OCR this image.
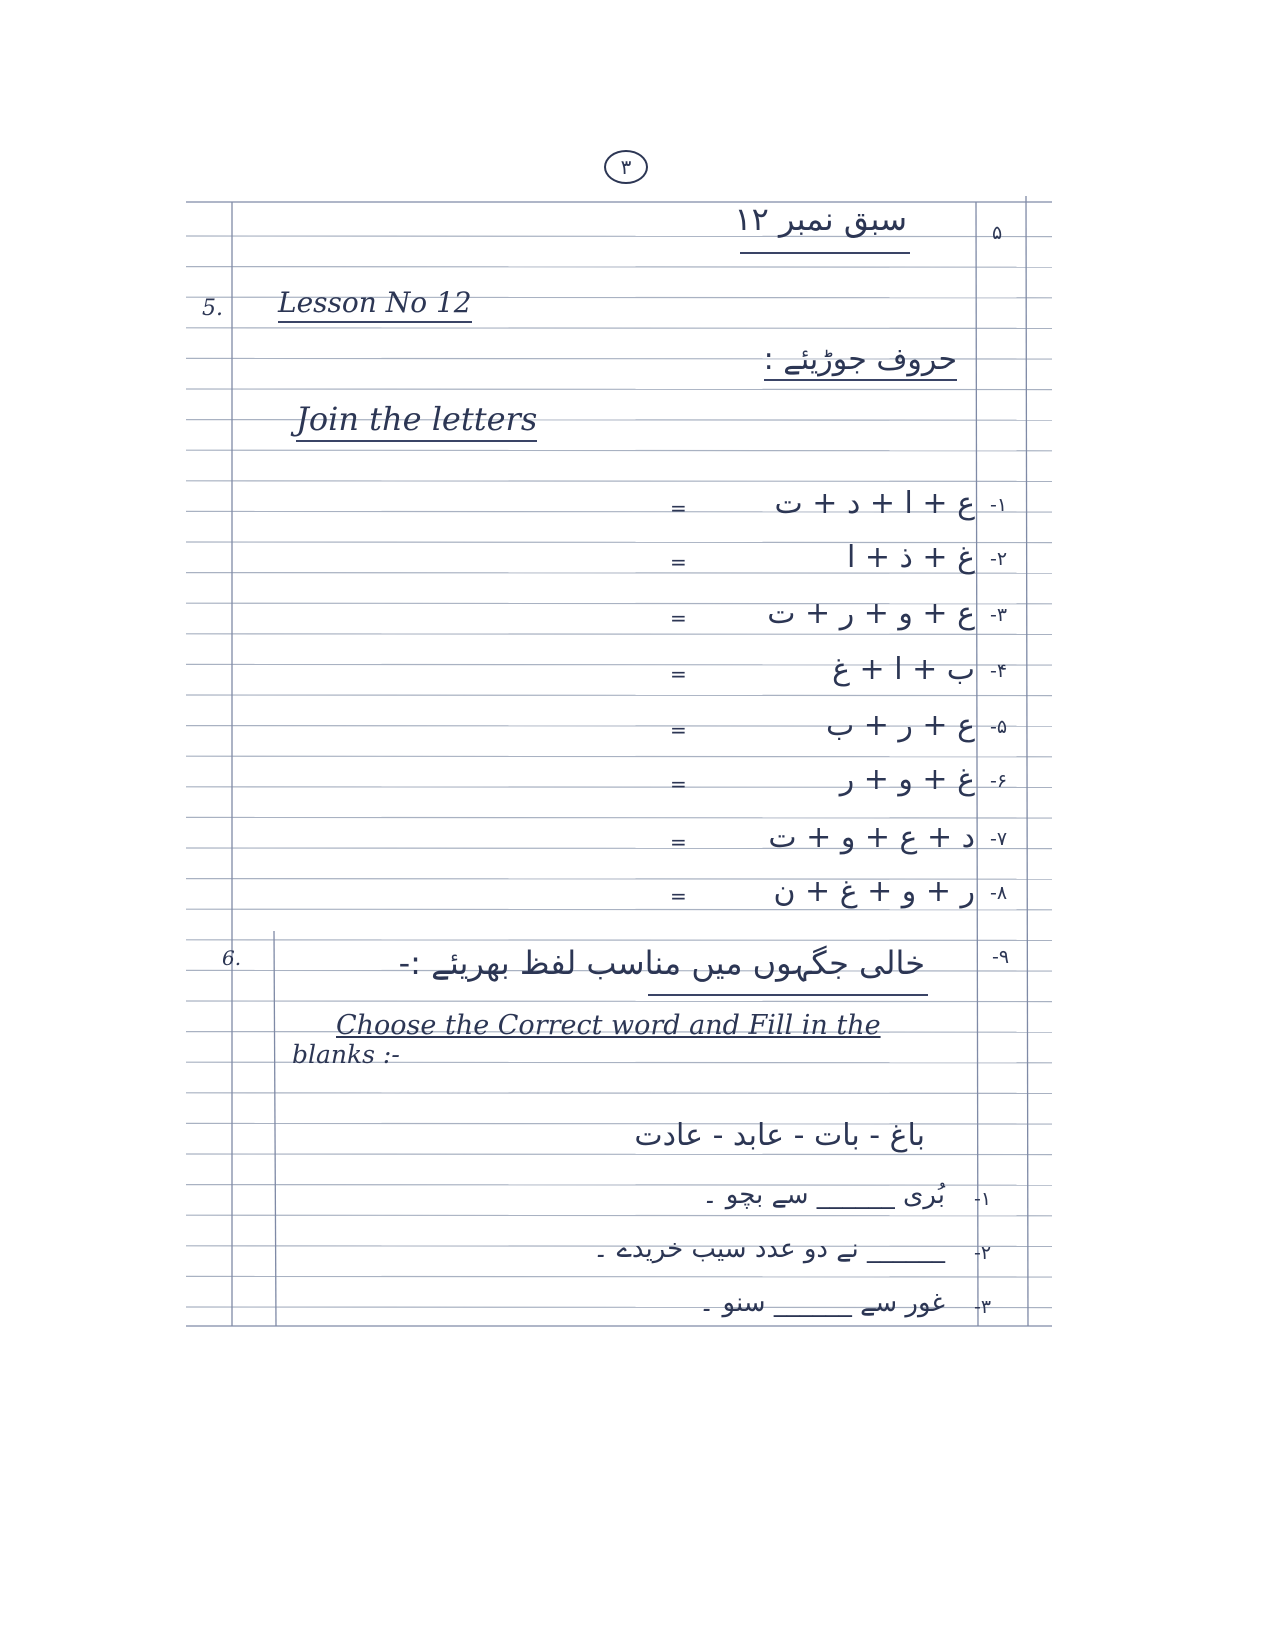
۳
سبق نمبر ۱۲	۵
5. Lesson No 12
حروف جوڑیئے :
Join the letters
۱-
ع + ا + د + ت
=
۲-
غ + ذ + ا
=
۳-
ع + و + ر + ت
=
۴-
ب + ا + غ
=
۵-
ع + ر + ب
=
۶-
غ + و + ر
=
۷-
د + ع + و + ت
=
۸-
ر + و + غ + ن
=
6.	۹-
خالی جگہوں میں مناسب لفظ بھریئے :-
Choose the Correct word and Fill in the
blanks :-
باغ - بات - عابد - عادت
۱-
بُری ______ سے بچو ۔
۲-
______ نے دو عدد سیب خریدے ۔
۳-
غور سے ______ سنو ۔
